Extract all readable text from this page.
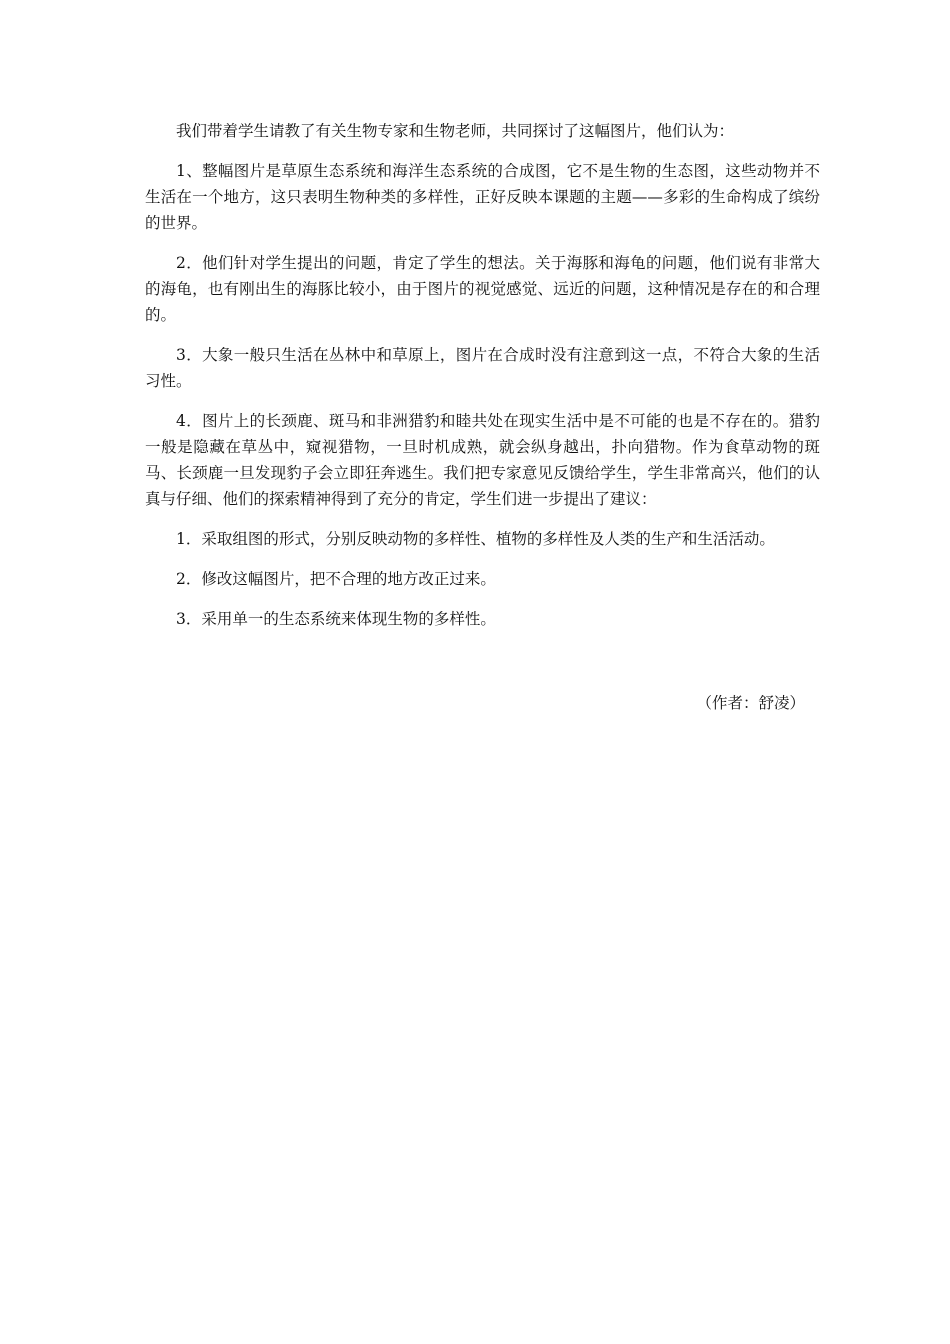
我们带着学生请教了有关生物专家和生物老师，共同探讨了这幅图片，他们认为：

1、整幅图片是草原生态系统和海洋生态系统的合成图，它不是生物的生态图，这些动物并不生活在一个地方，这只表明生物种类的多样性，正好反映本课题的主题——多彩的生命构成了缤纷的世界。

2．他们针对学生提出的问题，肯定了学生的想法。关于海豚和海龟的问题，他们说有非常大的海龟，也有刚出生的海豚比较小，由于图片的视觉感觉、远近的问题，这种情况是存在的和合理的。

3．大象一般只生活在丛林中和草原上，图片在合成时没有注意到这一点，不符合大象的生活习性。

4．图片上的长颈鹿、斑马和非洲猎豹和睦共处在现实生活中是不可能的也是不存在的。猎豹一般是隐藏在草丛中，窥视猎物，一旦时机成熟，就会纵身越出，扑向猎物。作为食草动物的斑马、长颈鹿一旦发现豹子会立即狂奔逃生。我们把专家意见反馈给学生，学生非常高兴，他们的认真与仔细、他们的探索精神得到了充分的肯定，学生们进一步提出了建议：

1．采取组图的形式，分别反映动物的多样性、植物的多样性及人类的生产和生活活动。

2．修改这幅图片，把不合理的地方改正过来。

3．采用单一的生态系统来体现生物的多样性。

（作者：舒凌）
